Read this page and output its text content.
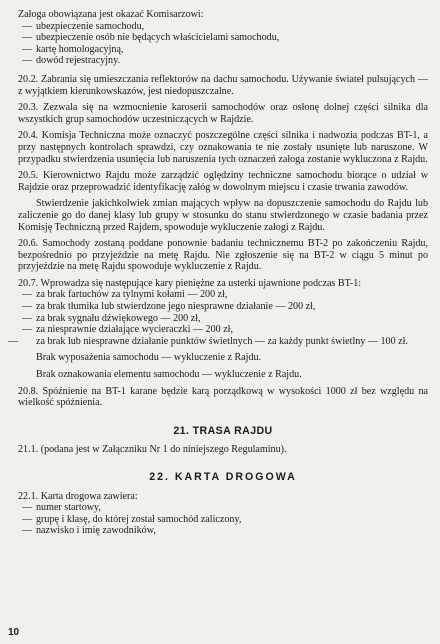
Załoga obowiązana jest okazać Komisarzowi:

— ubezpieczenie samochodu,
— ubezpieczenie osób nie będących właścicielami samochodu,
— kartę homologacyjną,
— dowód rejestracyjny.

20.2. Zabrania się umieszczania reflektorów na dachu samochodu. Używanie świateł pulsujących — z wyjątkiem kierunkowskazów, jest niedopuszczalne.

20.3. Zezwala się na wzmocnienie karoserii samochodów oraz osłonę dolnej części silnika dla wszystkich grup samochodów uczestniczących w Rajdzie.

20.4. Komisja Techniczna może oznaczyć poszczególne części silnika i nadwozia podczas BT-1, a przy następnych kontrolach sprawdzi, czy oznakowania te nie zostały usunięte lub naruszone. W przypadku stwierdzenia usunięcia lub naruszenia tych oznaczeń załoga zostanie wykluczona z Rajdu.

20.5. Kierownictwo Rajdu może zarządzić oględziny techniczne samochodu biorące o udział w Rajdzie oraz przeprowadzić identyfikację załóg w dowolnym miejscu i czasie trwania zawodów.

Stwierdzenie jakichkolwiek zmian mających wpływ na dopuszczenie samochodu do Rajdu lub zaliczenie go do danej klasy lub grupy w stosunku do stanu stwierdzonego w czasie badania przez Komisję Techniczną przed Rajdem, spowoduje wykluczenie załogi z Rajdu.

20.6. Samochody zostaną poddane ponownie badaniu technicznemu BT-2 po zakończeniu Rajdu, bezpośrednio po przyjeździe na metę Rajdu. Nie zgłoszenie się na BT-2 w ciągu 5 minut po przyjeździe na metę Rajdu spowoduje wykluczenie z Rajdu.

20.7. Wprowadza się następujące kary pieniężne za usterki ujawnione podczas BT-1:

— za brak fartuchów za tylnymi kołami — 200 zł,
— za brak tłumika lub stwierdzone jego niesprawne działanie — 200 zł,
— za brak sygnału dźwiękowego — 200 zł,
— za niesprawnie działające wycieraczki — 200 zł,
— za brak lub niesprawne działanie punktów świetlnych — za każdy punkt świetlny — 100 zł.

Brak wyposażenia samochodu — wykluczenie z Rajdu.

Brak oznakowania elementu samochodu — wykluczenie z Rajdu.

20.8. Spóźnienie na BT-1 karane będzie karą porządkową w wysokości 1000 zł bez względu na wielkość spóźnienia.

21. TRASA RAJDU

21.1. (podana jest w Załączniku Nr 1 do niniejszego Regulaminu).

22. KARTA DROGOWA

22.1. Karta drogowa zawiera:

— numer startowy,
— grupę i klasę, do której został samochód zaliczony,
— nazwisko i imię zawodników,
10
